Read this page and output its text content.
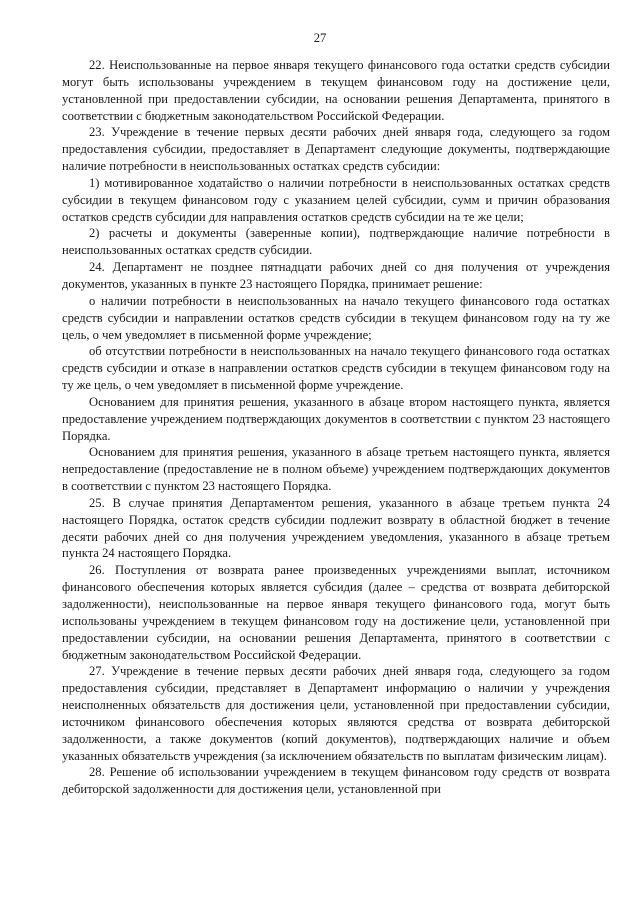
27

22. Неиспользованные на первое января текущего финансового года остатки средств субсидии могут быть использованы учреждением в текущем финансовом году на достижение цели, установленной при предоставлении субсидии, на основании решения Департамента, принятого в соответствии с бюджетным законодательством Российской Федерации.

23. Учреждение в течение первых десяти рабочих дней января года, следующего за годом предоставления субсидии, предоставляет в Департамент следующие документы, подтверждающие наличие потребности в неиспользованных остатках средств субсидии:

1) мотивированное ходатайство о наличии потребности в неиспользованных остатках средств субсидии в текущем финансовом году с указанием целей субсидии, сумм и причин образования остатков средств субсидии для направления остатков средств субсидии на те же цели;

2) расчеты и документы (заверенные копии), подтверждающие наличие потребности в неиспользованных остатках средств субсидии.

24. Департамент не позднее пятнадцати рабочих дней со дня получения от учреждения документов, указанных в пункте 23 настоящего Порядка, принимает решение:

о наличии потребности в неиспользованных на начало текущего финансового года остатках средств субсидии и направлении остатков средств субсидии в текущем финансовом году на ту же цель, о чем уведомляет в письменной форме учреждение;

об отсутствии потребности в неиспользованных на начало текущего финансового года остатках средств субсидии и отказе в направлении остатков средств субсидии в текущем финансовом году на ту же цель, о чем уведомляет в письменной форме учреждение.

Основанием для принятия решения, указанного в абзаце втором настоящего пункта, является предоставление учреждением подтверждающих документов в соответствии с пунктом 23 настоящего Порядка.

Основанием для принятия решения, указанного в абзаце третьем настоящего пункта, является непредоставление (предоставление не в полном объеме) учреждением подтверждающих документов в соответствии с пунктом 23 настоящего Порядка.

25. В случае принятия Департаментом решения, указанного в абзаце третьем пункта 24 настоящего Порядка, остаток средств субсидии подлежит возврату в областной бюджет в течение десяти рабочих дней со дня получения учреждением уведомления, указанного в абзаце третьем пункта 24 настоящего Порядка.

26. Поступления от возврата ранее произведенных учреждениями выплат, источником финансового обеспечения которых является субсидия (далее – средства от возврата дебиторской задолженности), неиспользованные на первое января текущего финансового года, могут быть использованы учреждением в текущем финансовом году на достижение цели, установленной при предоставлении субсидии, на основании решения Департамента, принятого в соответствии с бюджетным законодательством Российской Федерации.

27. Учреждение в течение первых десяти рабочих дней января года, следующего за годом предоставления субсидии, представляет в Департамент информацию о наличии у учреждения неисполненных обязательств для достижения цели, установленной при предоставлении субсидии, источником финансового обеспечения которых являются средства от возврата дебиторской задолженности, а также документов (копий документов), подтверждающих наличие и объем указанных обязательств учреждения (за исключением обязательств по выплатам физическим лицам).

28. Решение об использовании учреждением в текущем финансовом году средств от возврата дебиторской задолженности для достижения цели, установленной при
